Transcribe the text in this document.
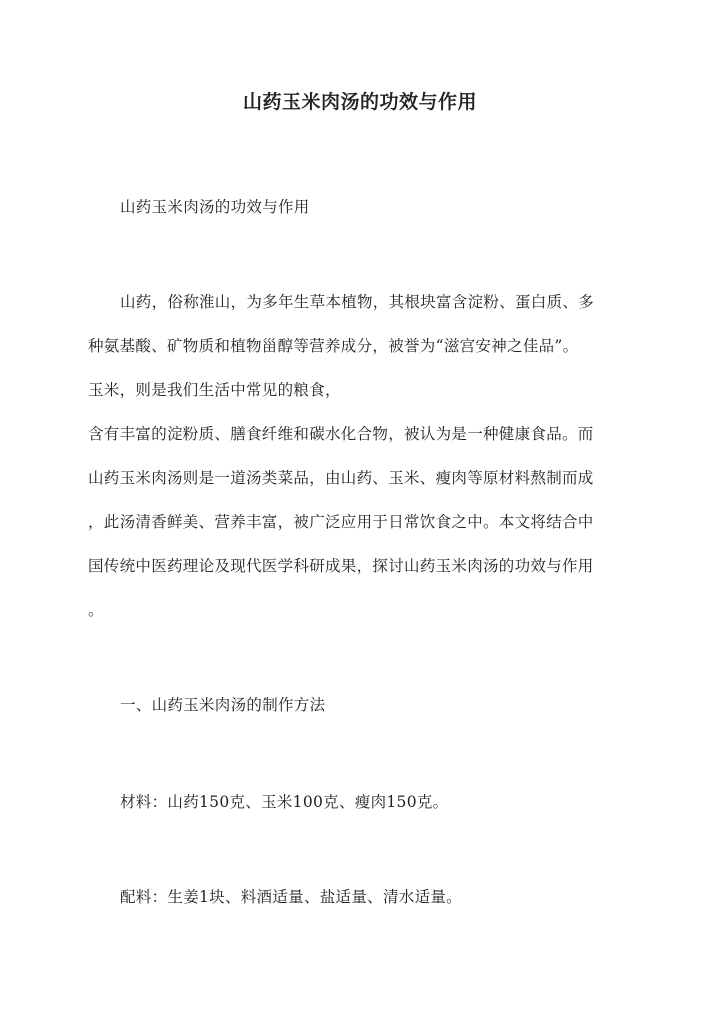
山药玉米肉汤的功效与作用
山药玉米肉汤的功效与作用
山药，俗称淮山，为多年生草本植物，其根块富含淀粉、蛋白质、多
种氨基酸、矿物质和植物甾醇等营养成分，被誉为“滋宫安神之佳品”。
玉米，则是我们生活中常见的粮食，
含有丰富的淀粉质、膳食纤维和碳水化合物，被认为是一种健康食品。而
山药玉米肉汤则是一道汤类菜品，由山药、玉米、瘦肉等原材料熬制而成
，此汤清香鲜美、营养丰富，被广泛应用于日常饮食之中。本文将结合中
国传统中医药理论及现代医学科研成果，探讨山药玉米肉汤的功效与作用
。
一、山药玉米肉汤的制作方法
材料：山药150克、玉米100克、瘦肉150克。
配料：生姜1块、料酒适量、盐适量、清水适量。
